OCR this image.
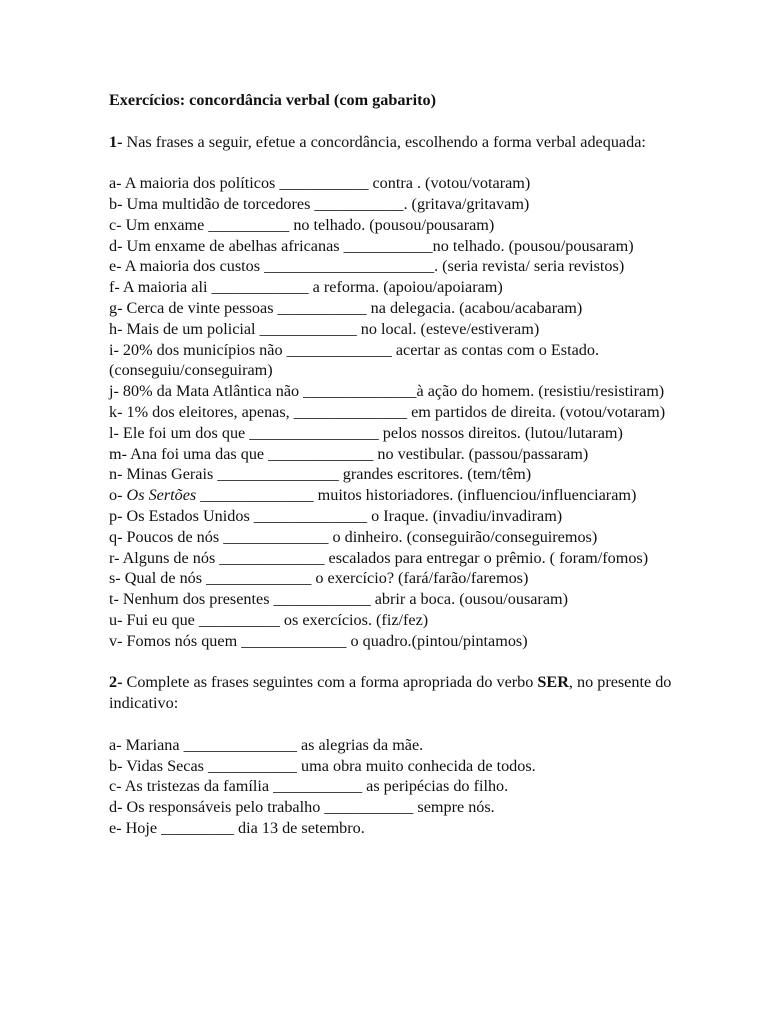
Exercícios: concordância verbal (com gabarito)

1- Nas frases a seguir, efetue a concordância, escolhendo a forma verbal adequada:

a- A maioria dos políticos ___________ contra . (votou/votaram)
b- Uma multidão de torcedores ___________. (gritava/gritavam)
c- Um enxame __________ no telhado. (pousou/pousaram)
d- Um enxame de abelhas africanas ___________no telhado. (pousou/pousaram)
e- A maioria dos custos _____________________. (seria revista/ seria revistos)
f- A maioria ali ____________ a reforma. (apoiou/apoiaram)
g- Cerca de vinte pessoas ___________ na delegacia. (acabou/acabaram)
h- Mais de um policial ____________ no local. (esteve/estiveram)
i- 20% dos municípios não _____________ acertar as contas com o Estado. (conseguiu/conseguiram)
j- 80% da Mata Atlântica não ______________à ação do homem. (resistiu/resistiram)
k- 1% dos eleitores, apenas, ______________ em partidos de direita. (votou/votaram)
l- Ele foi um dos que ________________ pelos nossos direitos. (lutou/lutaram)
m- Ana foi uma das que _____________ no vestibular. (passou/passaram)
n- Minas Gerais _______________ grandes escritores. (tem/têm)
o- Os Sertões ______________ muitos historiadores. (influenciou/influenciaram)
p- Os Estados Unidos ______________ o Iraque. (invadiu/invadiram)
q- Poucos de nós _____________ o dinheiro. (conseguirão/conseguiremos)
r- Alguns de nós _____________ escalados para entregar o prêmio. ( foram/fomos)
s- Qual de nós _____________ o exercício? (fará/farão/faremos)
t- Nenhum dos presentes ____________ abrir a boca. (ousou/ousaram)
u- Fui eu que __________ os exercícios. (fiz/fez)
v- Fomos nós quem _____________ o quadro.(pintou/pintamos)

2- Complete as frases seguintes com a forma apropriada do verbo SER, no presente do indicativo:

a- Mariana ______________ as alegrias da mãe.
b- Vidas Secas ___________ uma obra muito conhecida de todos.
c- As tristezas da família ___________ as peripécias do filho.
d- Os responsáveis pelo trabalho ___________ sempre nós.
e- Hoje _________ dia 13 de setembro.
